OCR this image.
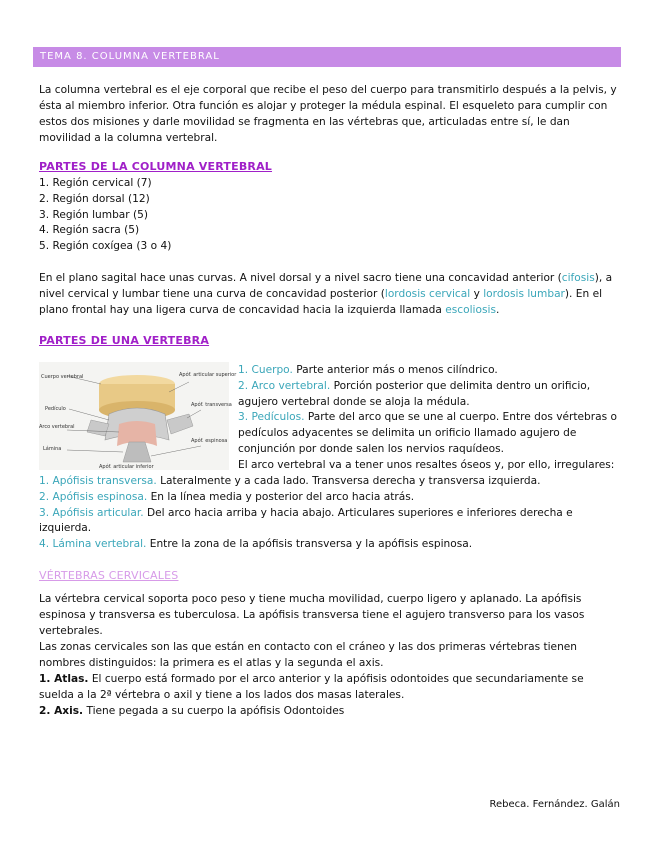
TEMA 8. COLUMNA VERTEBRAL
La columna vertebral es el eje corporal que recibe el peso del cuerpo para transmitirlo después a la pelvis, y ésta al miembro inferior. Otra función es alojar y proteger la médula espinal. El esqueleto para cumplir con estos dos misiones y darle movilidad se fragmenta en las vértebras que, articuladas entre sí, le dan movilidad a la columna vertebral.
PARTES DE LA COLUMNA VERTEBRAL
1. Región cervical (7)
2. Región dorsal (12)
3. Región lumbar (5)
4. Región sacra (5)
5. Región coxígea (3 o 4)
En el plano sagital hace unas curvas. A nivel dorsal y a nivel sacro tiene una concavidad anterior (cifosis), a nivel cervical y lumbar tiene una curva de concavidad posterior (lordosis cervical y lordosis lumbar). En el plano frontal hay una ligera curva de concavidad hacia la izquierda llamada escoliosis.
PARTES DE UNA VERTEBRA
Cuerpo vertebral
Pedículo
Arco vertebral
Lámina
Apóf. articular superior
Apóf. transversa
Apóf. espinosa
Apóf. articular inferior
1. Cuerpo. Parte anterior más o menos cilíndrico.
2. Arco vertebral. Porción posterior que delimita dentro un orificio, agujero vertebral donde se aloja la médula.
3. Pedículos. Parte del arco que se une al cuerpo. Entre dos vértebras o pedículos adyacentes se delimita un orificio llamado agujero de conjunción por donde salen los nervios raquídeos.
El arco vertebral va a tener unos resaltes óseos y, por ello, irregulares:
1. Apófisis transversa. Lateralmente y a cada lado. Transversa derecha y transversa izquierda.
2. Apófisis espinosa. En la línea media y posterior del arco hacia atrás.
3. Apófisis articular. Del arco hacia arriba y hacia abajo. Articulares superiores e inferiores derecha e izquierda.
4. Lámina vertebral. Entre la zona de la apófisis transversa y la apófisis espinosa.
VÉRTEBRAS CERVICALES
La vértebra cervical soporta poco peso y tiene mucha movilidad, cuerpo ligero y aplanado. La apófisis espinosa y transversa es tuberculosa. La apófisis transversa tiene el agujero transverso para los vasos vertebrales.
Las zonas cervicales son las que están en contacto con el cráneo y las dos primeras vértebras tienen nombres distinguidos: la primera es el atlas y la segunda el axis.
1. Atlas. El cuerpo está formado por el arco anterior y la apófisis odontoides que secundariamente se suelda a la 2ª vértebra o axil y tiene a los lados dos masas laterales.
2. Axis. Tiene pegada a su cuerpo la apófisis Odontoides
Rebeca. Fernández. Galán
